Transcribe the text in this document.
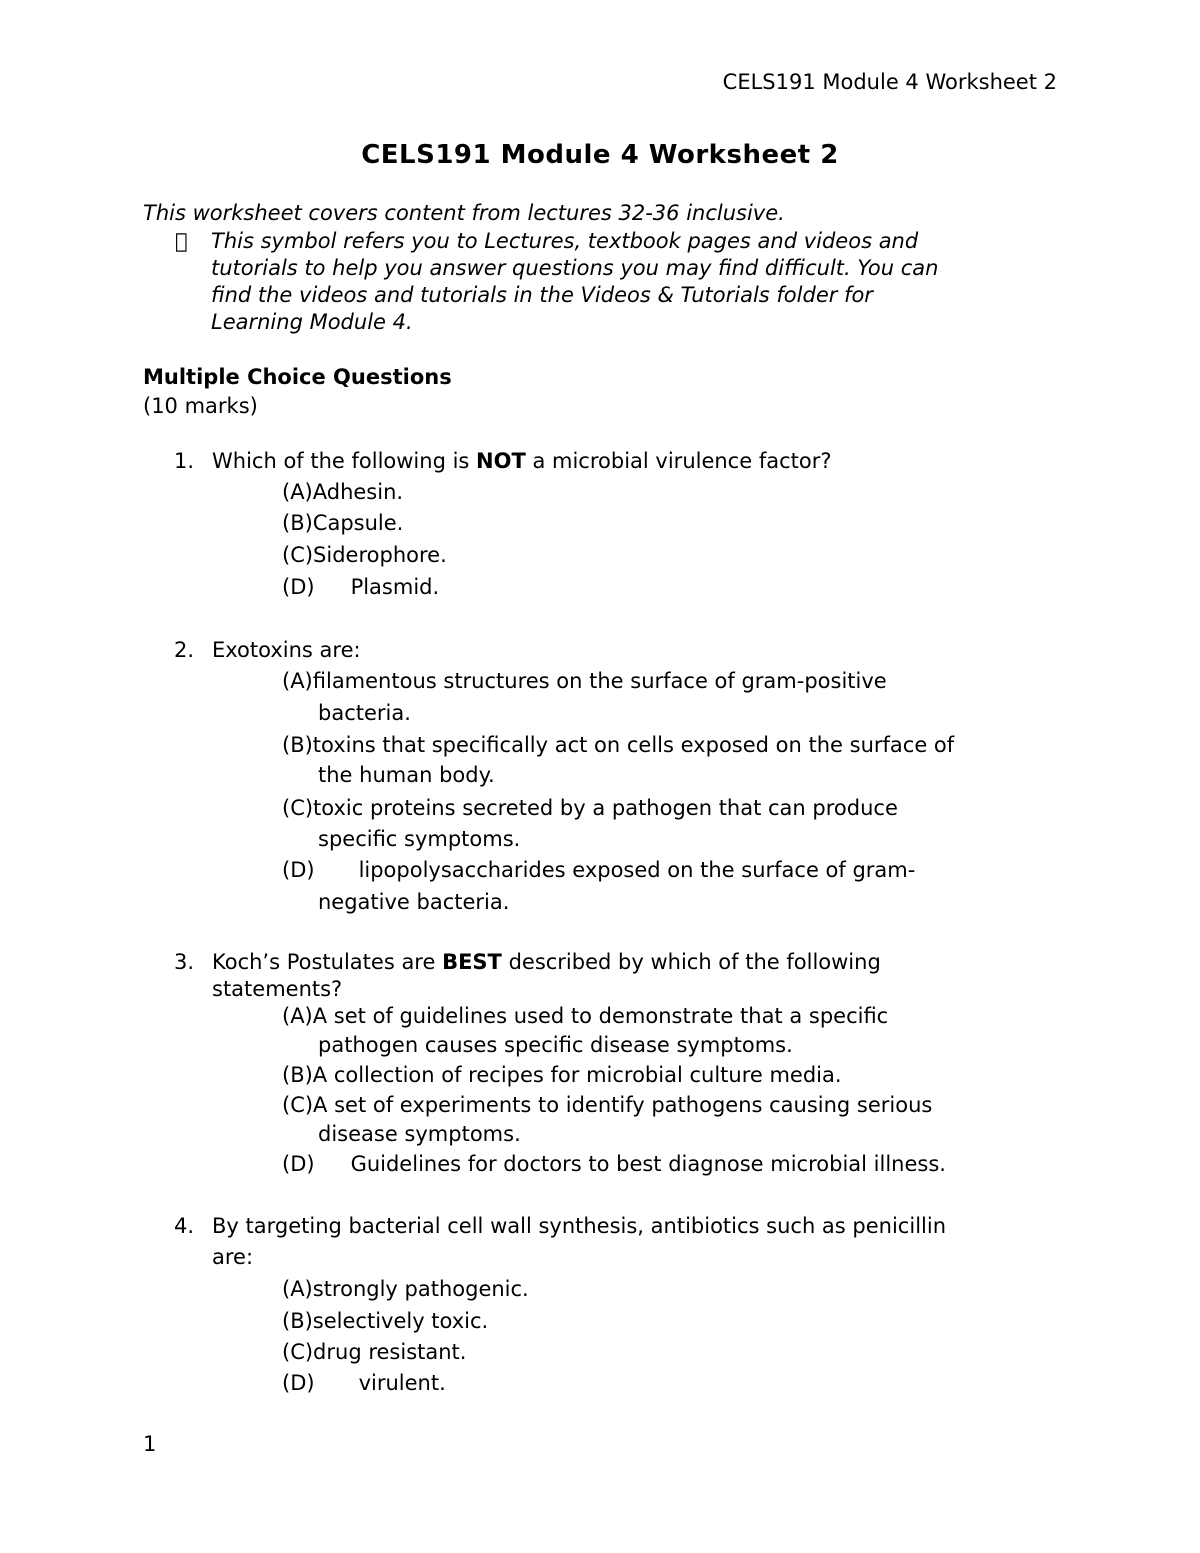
CELS191 Module 4 Worksheet 2
CELS191 Module 4 Worksheet 2
This worksheet covers content from lectures 32-36 inclusive.
This symbol refers you to Lectures, textbook pages and videos and
tutorials to help you answer questions you may find difficult. You can
find the videos and tutorials in the Videos & Tutorials folder for
Learning Module 4.
Multiple Choice Questions
(10 marks)
1. Which of the following is NOT a microbial virulence factor?
(A)Adhesin.
(B)Capsule.
(C)Siderophore.
(D) Plasmid.
2. Exotoxins are:
(A)filamentous structures on the surface of gram-positive
bacteria.
(B)toxins that specifically act on cells exposed on the surface of
the human body.
(C)toxic proteins secreted by a pathogen that can produce
specific symptoms.
(D) lipopolysaccharides exposed on the surface of gram-
negative bacteria.
3. Koch’s Postulates are BEST described by which of the following
statements?
(A)A set of guidelines used to demonstrate that a specific
pathogen causes specific disease symptoms.
(B)A collection of recipes for microbial culture media.
(C)A set of experiments to identify pathogens causing serious
disease symptoms.
(D) Guidelines for doctors to best diagnose microbial illness.
4. By targeting bacterial cell wall synthesis, antibiotics such as penicillin
are:
(A)strongly pathogenic.
(B)selectively toxic.
(C)drug resistant.
(D) virulent.
1
